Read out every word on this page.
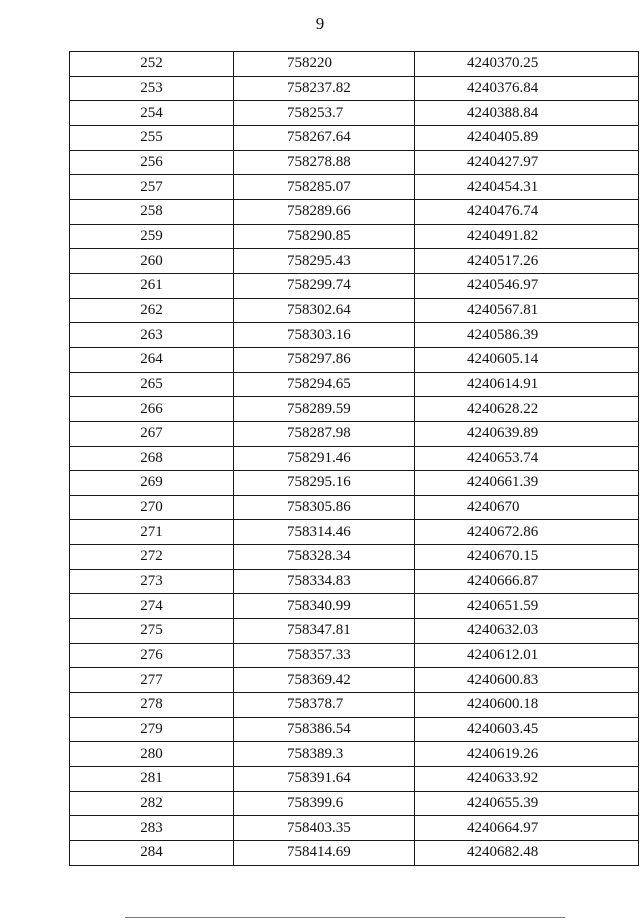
9
252	758220	4240370.25
253	758237.82	4240376.84
254	758253.7	4240388.84
255	758267.64	4240405.89
256	758278.88	4240427.97
257	758285.07	4240454.31
258	758289.66	4240476.74
259	758290.85	4240491.82
260	758295.43	4240517.26
261	758299.74	4240546.97
262	758302.64	4240567.81
263	758303.16	4240586.39
264	758297.86	4240605.14
265	758294.65	4240614.91
266	758289.59	4240628.22
267	758287.98	4240639.89
268	758291.46	4240653.74
269	758295.16	4240661.39
270	758305.86	4240670
271	758314.46	4240672.86
272	758328.34	4240670.15
273	758334.83	4240666.87
274	758340.99	4240651.59
275	758347.81	4240632.03
276	758357.33	4240612.01
277	758369.42	4240600.83
278	758378.7	4240600.18
279	758386.54	4240603.45
280	758389.3	4240619.26
281	758391.64	4240633.92
282	758399.6	4240655.39
283	758403.35	4240664.97
284	758414.69	4240682.48
